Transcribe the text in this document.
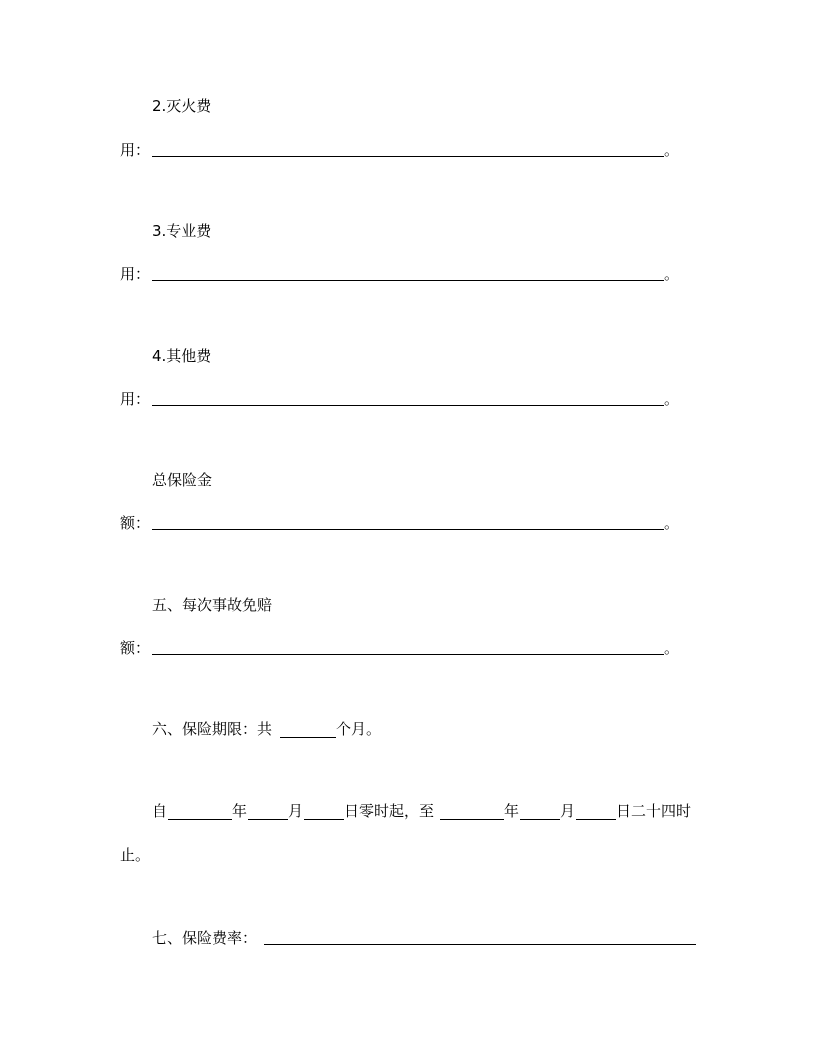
2.灭火费
用：	。
3.专业费
用：	。
4.其他费
用：	。
总保险金
额：	。
五、每次事故免赔
额：	。
六、保险期限：共	个月。
自	年	月	日零时起，至	年	月	日二十四时
止。
七、保险费率：
